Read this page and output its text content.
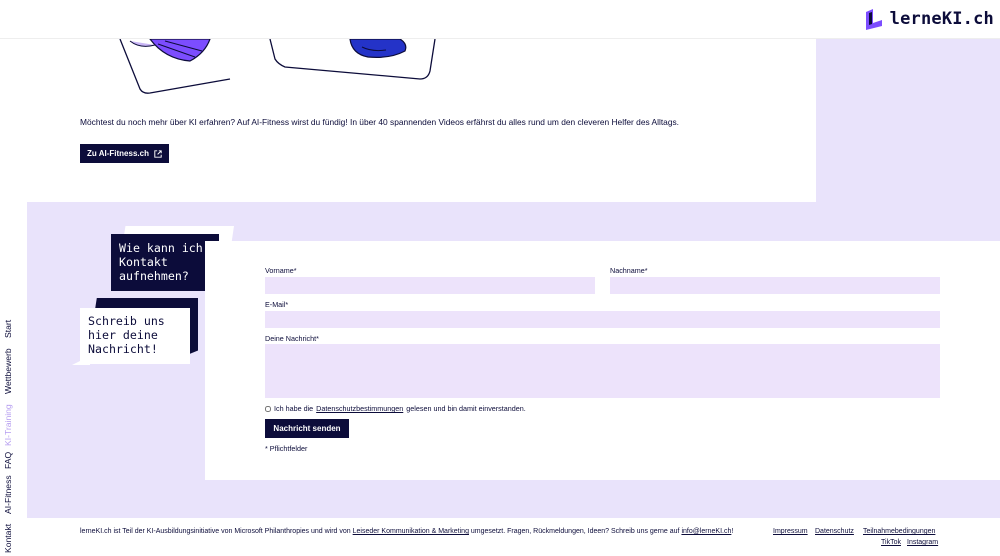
lerneKI.ch

Möchtest du noch mehr über KI erfahren? Auf AI-Fitness wirst du fündig! In über 40 spannenden Videos erfährst du alles rund um den cleveren Helfer des Alltags.

Zu AI-Fitness.ch
Wie kann ich
Kontakt
aufnehmen?
Schreib uns
hier deine
Nachricht!
Vorname*	Nachname*
E-Mail*
Deine Nachricht*
Ich habe die Datenschutzbestimmungen gelesen und bin damit einverstanden.
Nachricht senden
* Pflichtfelder
Start
Wettbewerb
KI-Training
FAQ
AI-Fitness
Kontakt	lerneKI.ch ist Teil der KI-Ausbildungsinitiative von Microsoft Philanthropies und wird von Leiseder Kommunikation & Marketing umgesetzt. Fragen, Rückmeldungen, Ideen? Schreib uns gerne auf info@lerneKI.ch!	Impressum Datenschutz Teilnahmebedingungen
TikTok Instagram
